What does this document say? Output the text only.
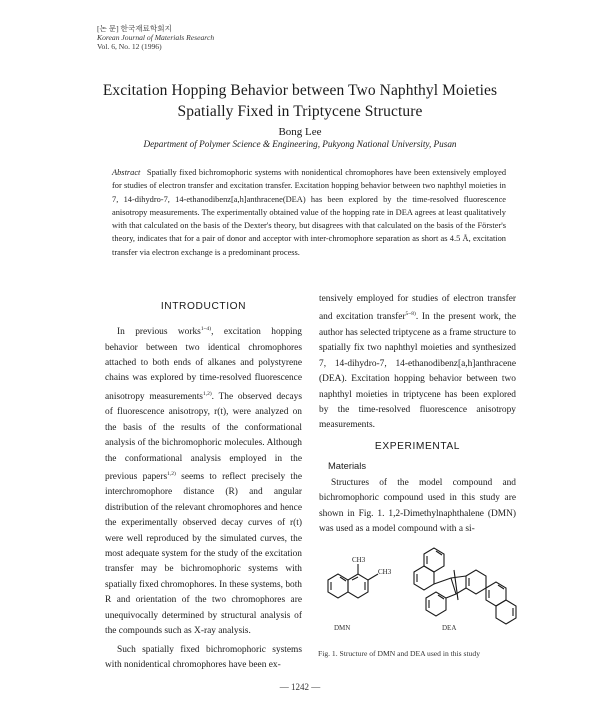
[논 문] 한국재료학회지
Korean Journal of Materials Research
Vol. 6, No. 12 (1996)
Excitation Hopping Behavior between Two Naphthyl Moieties
Spatially Fixed in Triptycene Structure
Bong Lee
Department of Polymer Science & Engineering, Pukyong National University, Pusan
Abstract Spatially fixed bichromophoric systems with nonidentical chromophores have been extensively employed for studies of electron transfer and excitation transfer. Excitation hopping behavior between two naphthyl moieties in 7, 14-dihydro-7, 14-ethanodibenz[a,h]anthracene(DEA) has been explored by the time-resolved fluorescence anisotropy measurements. The experimentally obtained value of the hopping rate in DEA agrees at least qualitatively with that calculated on the basis of the Dexter's theory, but disagrees with that calculated on the basis of the Förster's theory, indicates that for a pair of donor and acceptor with inter-chromophore separation as short as 4.5 Å, excitation transfer via electron exchange is a predominant process.
INTRODUCTION

In previous works$^{1\sim 4)}$, excitation hopping behavior between two identical chromophores attached to both ends of alkanes and polystyrene chains was explored by time-resolved fluorescence anisotropy measurements$^{1,2)}$. The observed decays of fluorescence anisotropy, r(t), were analyzed on the basis of the results of the conformational analysis of the bichromophoric molecules. Although the conformational analysis employed in the previous papers$^{1,2)}$ seems to reflect precisely the interchromophore distance (R) and angular distribution of the relevant chromophores and hence the experimentally observed decay curves of r(t) were well reproduced by the simulated curves, the most adequate system for the study of the excitation transfer may be bichromophoric systems with spatially fixed chromophores. In these systems, both R and orientation of the two chromophores are unequivocally determined by structural analysis of the compounds such as X-ray analysis.

Such spatially fixed bichromophoric systems with nonidentical chromophores have been ex-

tensively employed for studies of electron transfer and excitation transfer$^{5\sim 8)}$. In the present work, the author has selected triptycene as a frame structure to spatially fix two naphthyl moieties and synthesized 7, 14-dihydro-7, 14-ethanodibenz[a,h]anthracene (DEA). Excitation hopping behavior between two naphthyl moieties in triptycene has been explored by the time-resolved fluorescence anisotropy measurements.

EXPERIMENTAL
Materials

Structures of the model compound and bichromophoric compound used in this study are shown in Fig. 1. 1,2-Dimethylnaphthalene (DMN) was used as a model compound with a si-

CH3
CH3
DMN	DEA
Fig. 1. Structure of DMN and DEA used in this study
— 1242 —
